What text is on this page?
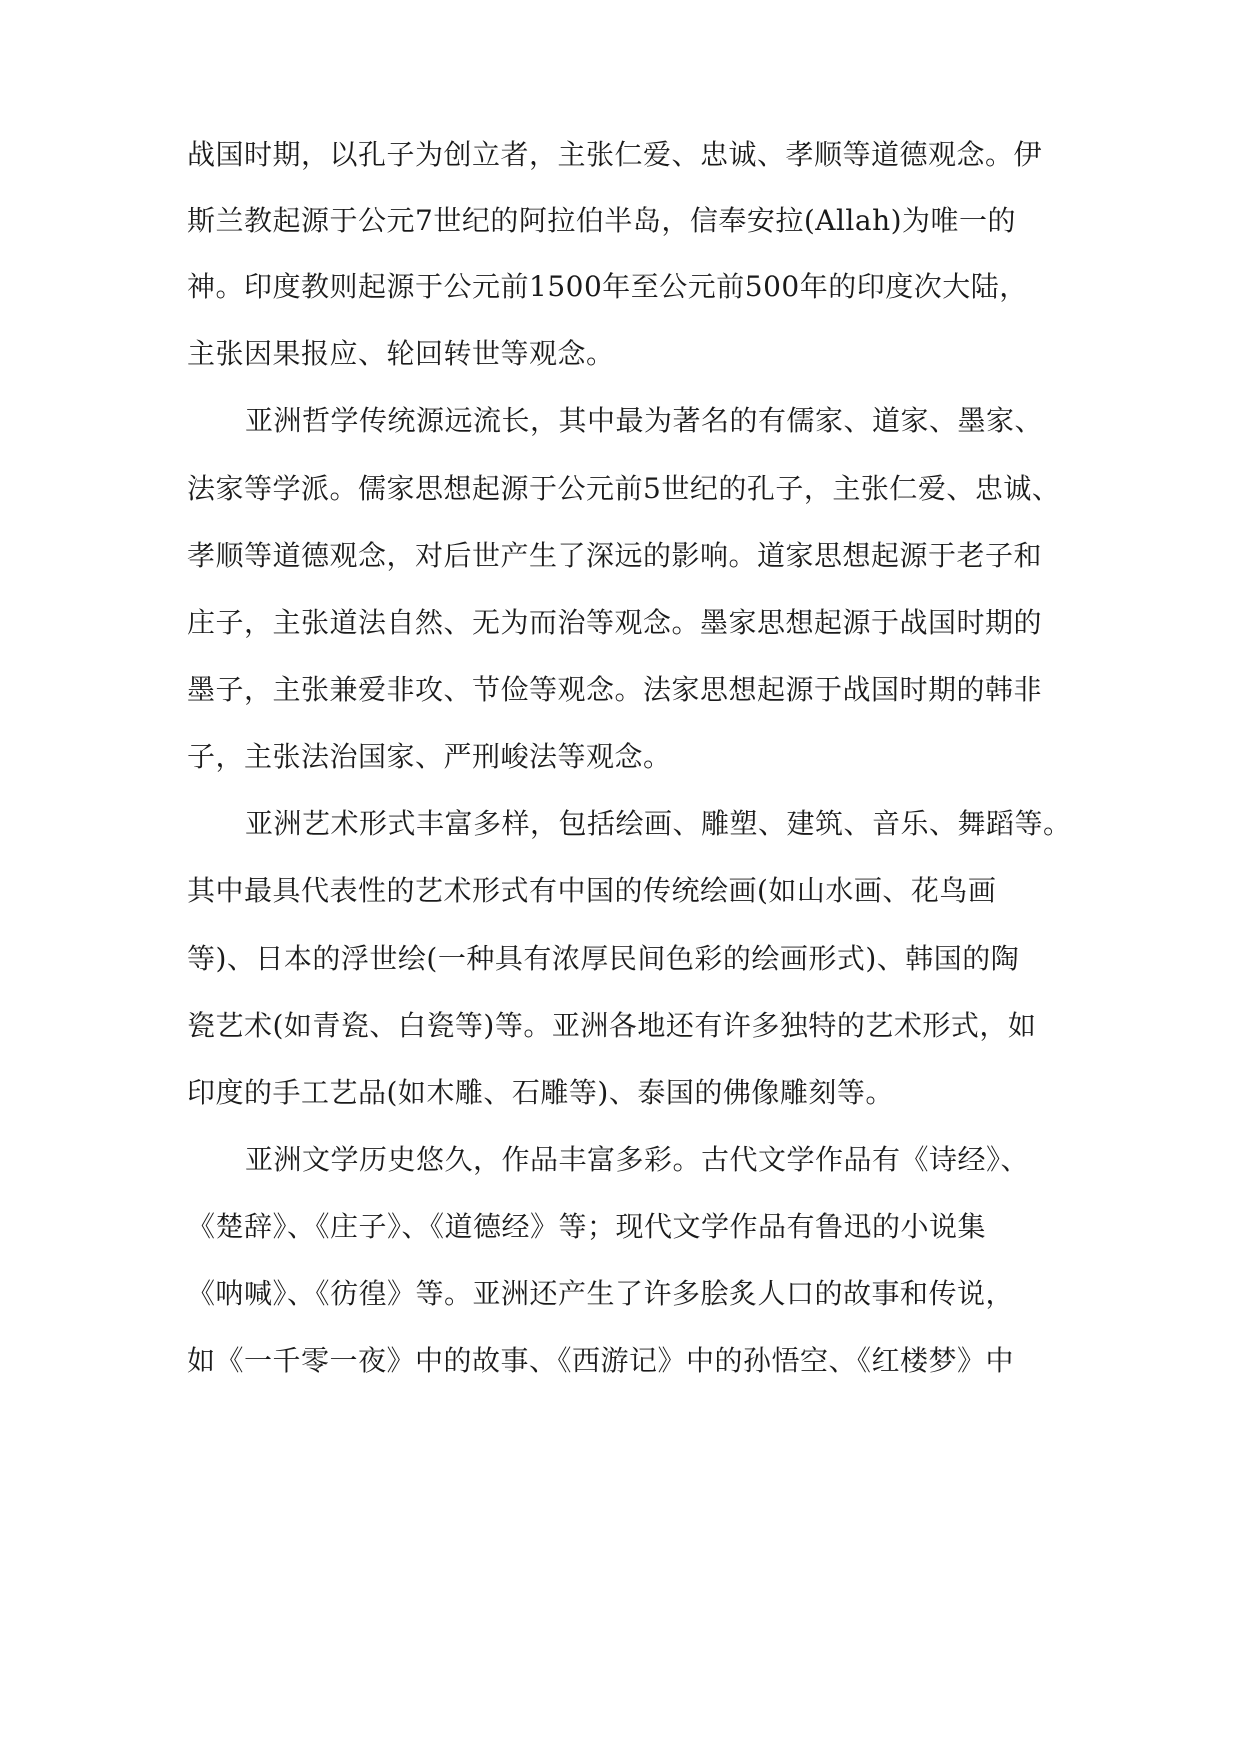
战国时期，以孔子为创立者，主张仁爱、忠诚、孝顺等道德观念。伊
斯兰教起源于公元7世纪的阿拉伯半岛，信奉安拉(Allah)为唯一的
神。印度教则起源于公元前1500年至公元前500年的印度次大陆，
主张因果报应、轮回转世等观念。
亚洲哲学传统源远流长，其中最为著名的有儒家、道家、墨家、
法家等学派。儒家思想起源于公元前5世纪的孔子，主张仁爱、忠诚、
孝顺等道德观念，对后世产生了深远的影响。道家思想起源于老子和
庄子，主张道法自然、无为而治等观念。墨家思想起源于战国时期的
墨子，主张兼爱非攻、节俭等观念。法家思想起源于战国时期的韩非
子，主张法治国家、严刑峻法等观念。
亚洲艺术形式丰富多样，包括绘画、雕塑、建筑、音乐、舞蹈等。
其中最具代表性的艺术形式有中国的传统绘画(如山水画、花鸟画
等)、日本的浮世绘(一种具有浓厚民间色彩的绘画形式)、韩国的陶
瓷艺术(如青瓷、白瓷等)等。亚洲各地还有许多独特的艺术形式，如
印度的手工艺品(如木雕、石雕等)、泰国的佛像雕刻等。
亚洲文学历史悠久，作品丰富多彩。古代文学作品有《诗经》、
《楚辞》、《庄子》、《道德经》等；现代文学作品有鲁迅的小说集
《呐喊》、《彷徨》等。亚洲还产生了许多脍炙人口的故事和传说，
如《一千零一夜》中的故事、《西游记》中的孙悟空、《红楼梦》中
